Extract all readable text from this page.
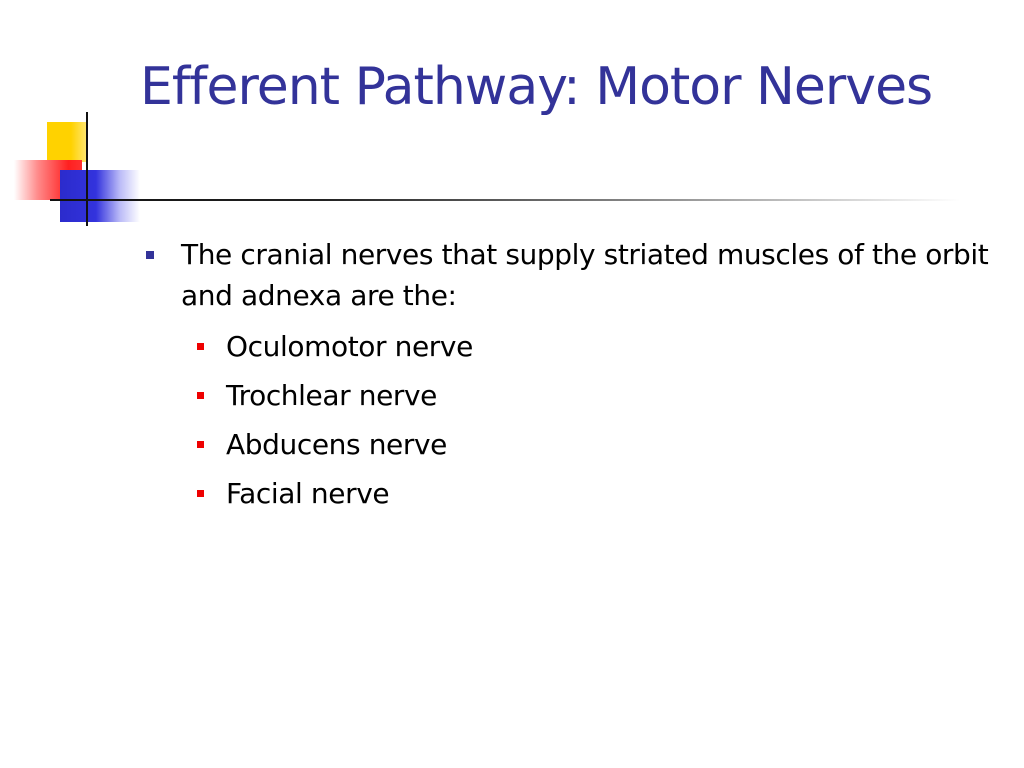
Efferent Pathway: Motor Nerves
The cranial nerves that supply striated muscles of the orbit and adnexa are the:
Oculomotor nerve
Trochlear nerve
Abducens nerve
Facial nerve
